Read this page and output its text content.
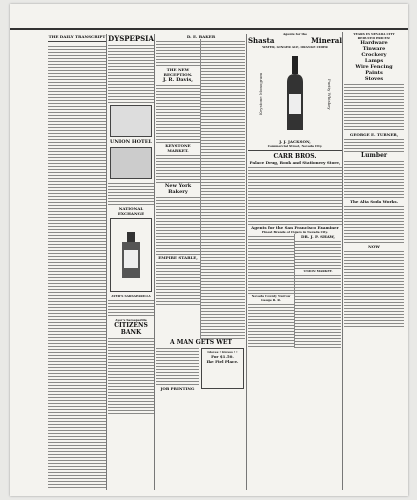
THE DAILY TRANSCRIPT DYSPEPSIA
UNION HOTEL
NATIONAL EXCHANGE
AYER'S SARSAPARILLA
Ayer's Sarsaparilla
CITIZENS BANK
D. E. BAKER
THE NEW RECEPTION.
J. R. Davis,
KEYSTONE MARKET.
New York Bakery
EMPIRE STABLE,
A MAN GETS WET
JOB PRINTING
Gloves ! Gloves ! !
For $1.50.
Ike Fiel Place.
Agents for the
Shasta	Mineral
WATER, GINGER ALE, ORANGE CIDER
Keystone Monogram	Purity Whiskey
J. J. JACKSON,
Commercial Street, Nevada City.
CARR BROS.
Palace Drug, Book and Stationery Store,
Agents for the San Francisco Examiner
Finest Brands of Cigars in Nevada City.
Nevada County Narrow Gauge R. R.
DR. J. P. SHAW,
UNION MARKET.
YEARS IN NEVADA CITY
REDUCED PRICES!
Hardware
Tinware
Crockery
Lamps
Wire Fencing
Paints
Stoves
GEORGE E. TURNER,
Lumber
The Alta Soda Works.
NOW
